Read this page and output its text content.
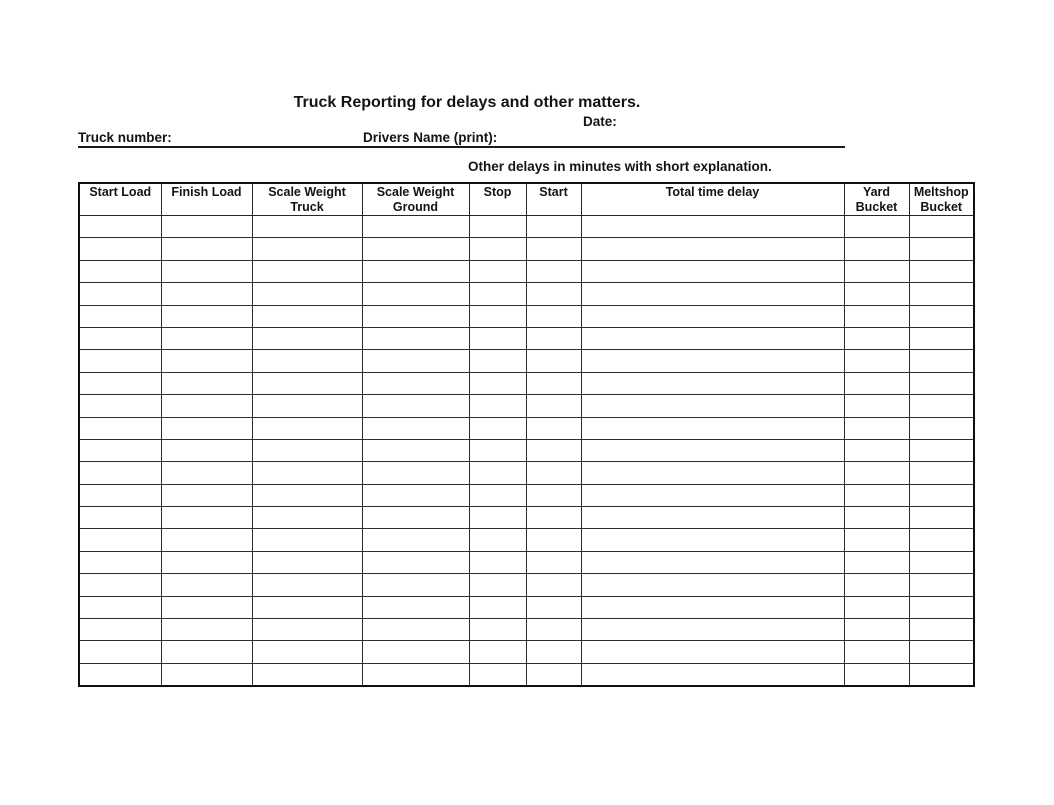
Truck Reporting for delays and other matters.
Date:
Truck number:	Drivers Name (print):
Other delays in minutes with short explanation.
Start Load	Finish Load	Scale Weight Truck	Scale Weight Ground	Stop	Start	Total time delay	Yard Bucket	Meltshop Bucket
